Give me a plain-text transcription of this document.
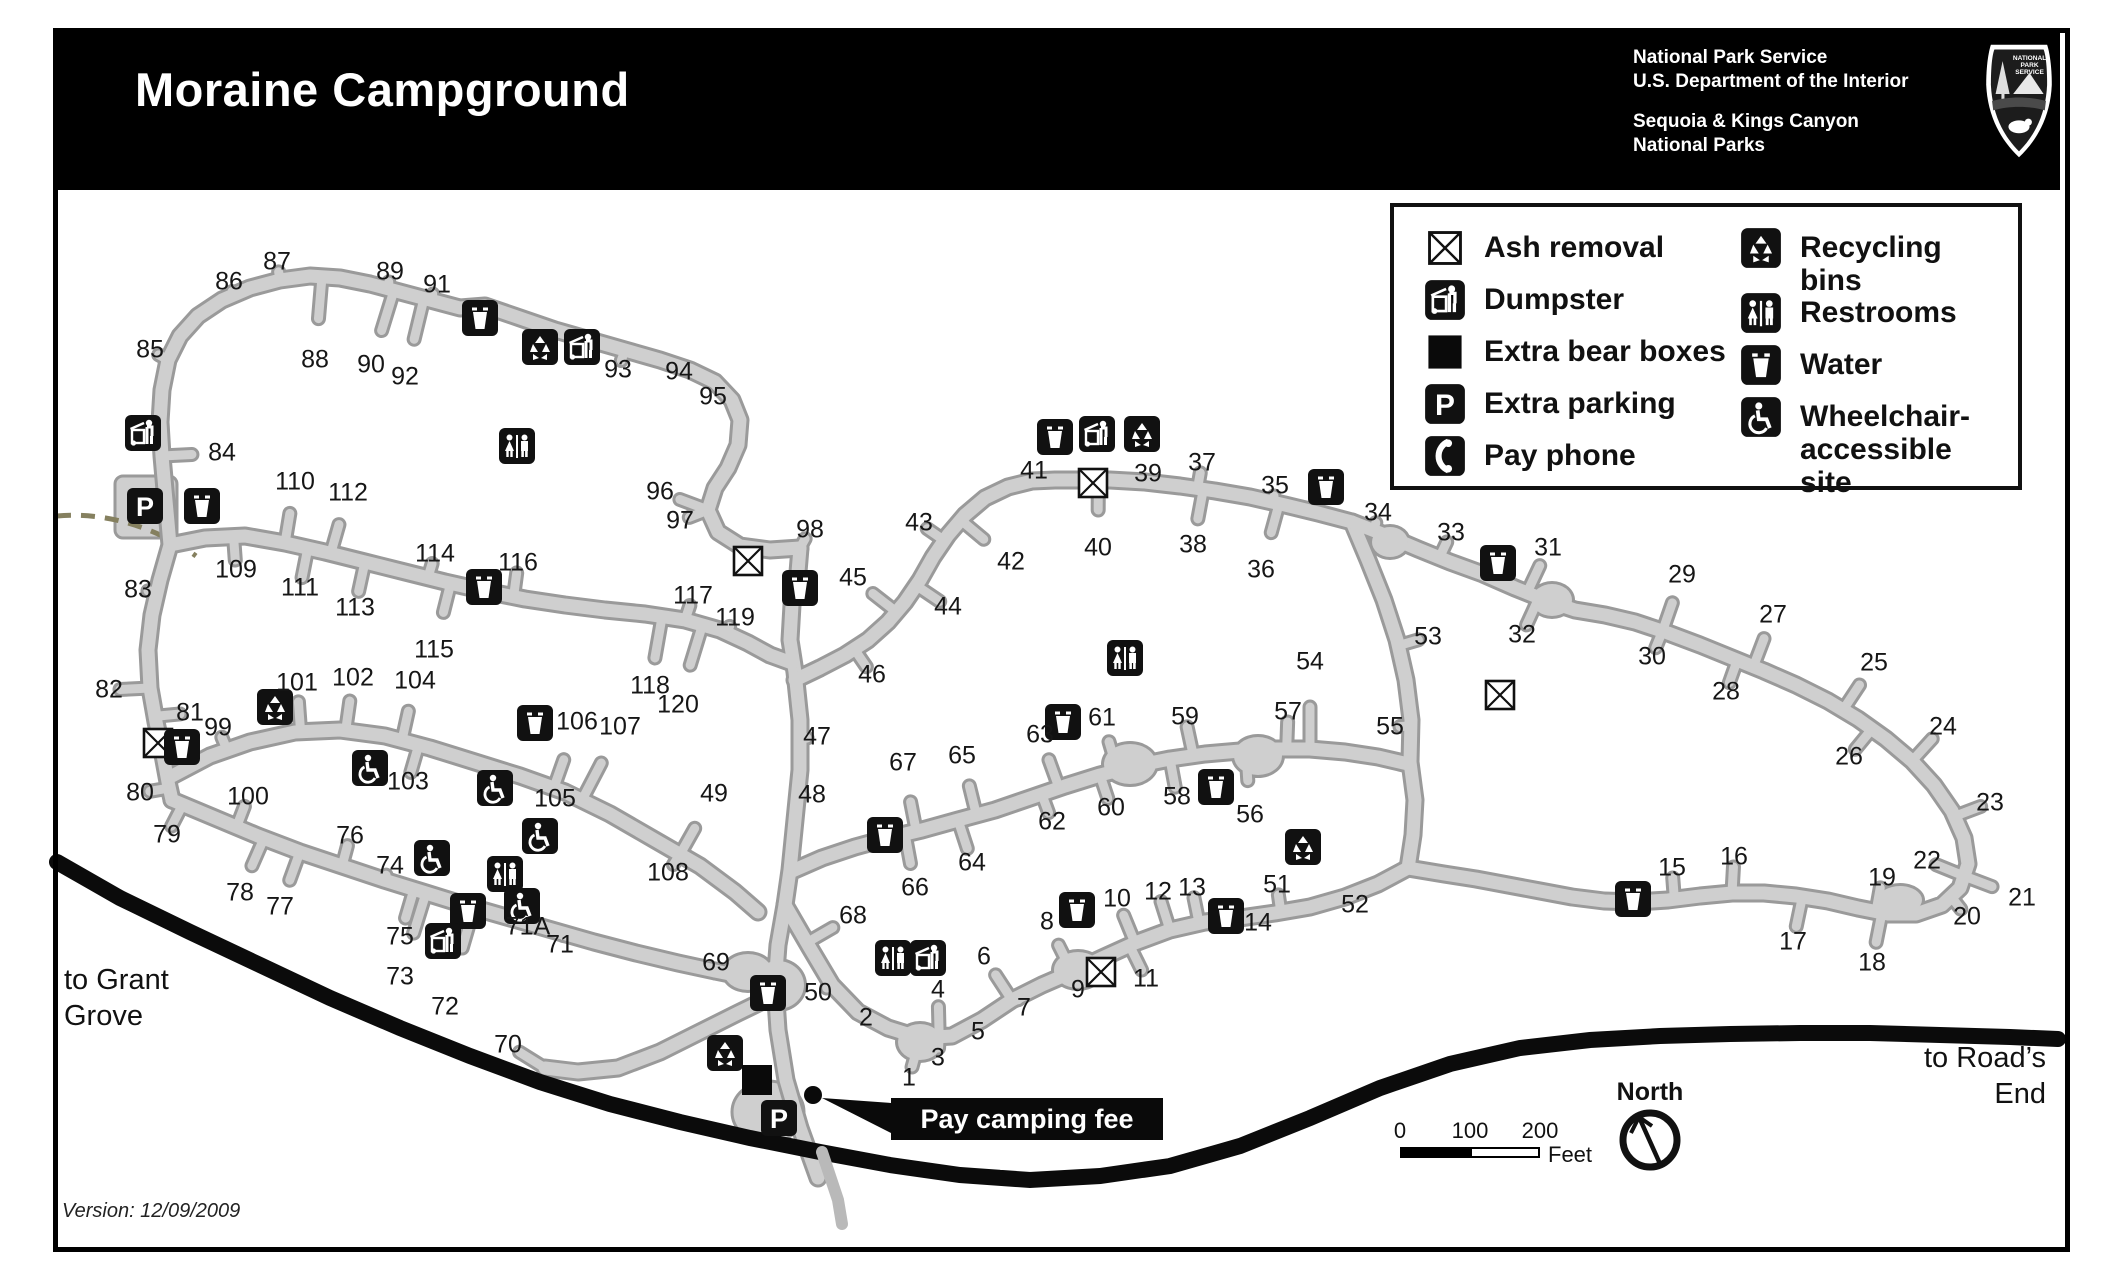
P
Moraine Campground
National Park Service
U.S. Department of the Interior
Sequoia & Kings Canyon
National Parks
NATIONAL
PARK
SERVICE
Ash removal
Dumpster
Extra bear boxes
Extra parking
Pay phone
Recycling bins
Restrooms
Water
Wheelchair-accessible site
1
2
3
4
5
6
7
8
9
10
11
12 13
14
15 16
17
18
19
20
21
22
23
24
25
26
27
28
29
30
31
32
33
34
35
36
37
38
39
40
41
42
43
44
45
46
47
48
49
50
51
52
53
54
55
56
57
58
59
60
61
62
63
64
65
66
67
68
69
70
71
71A
72
73
74
75
76
77
78
79
80
81
82
83
84
85
86
87
88
89
90
91
92	93 94
95
96
97	98
99
100
101 102
103
104
105
106 107
108
109
110
111
112
113
114
115
116
117
118
119
120
to Grant
Grove
to Road’s
End
Pay camping fee here
North
0 100 200
Feet
Version: 12/09/2009
